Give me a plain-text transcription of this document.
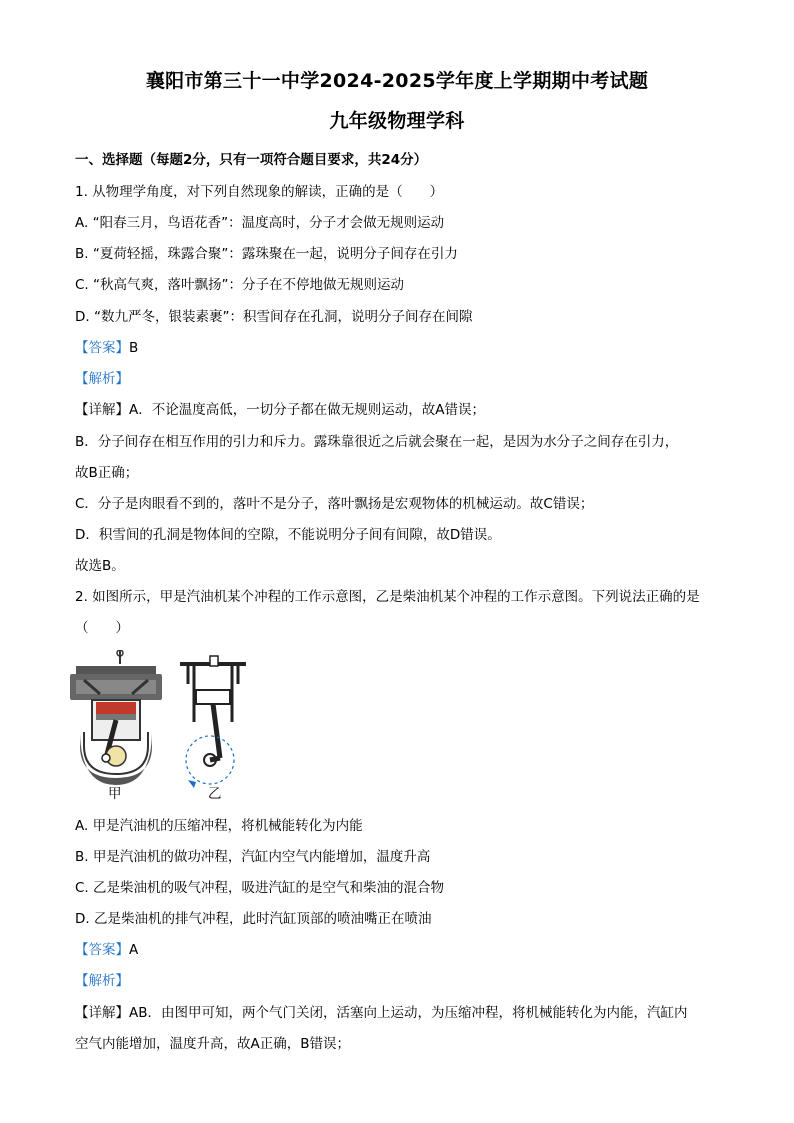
襄阳市第三十一中学2024-2025学年度上学期期中考试题
九年级物理学科
一、选择题（每题2分，只有一项符合题目要求，共24分）
1. 从物理学角度，对下列自然现象的解读，正确的是（　　）
A. “阳春三月，鸟语花香”：温度高时，分子才会做无规则运动
B. “夏荷轻摇，珠露合聚”：露珠聚在一起，说明分子间存在引力
C. “秋高气爽，落叶飘扬”：分子在不停地做无规则运动
D. “数九严冬，银装素裹”：积雪间存在孔洞，说明分子间存在间隙
【答案】B
【解析】
【详解】A．不论温度高低，一切分子都在做无规则运动，故A错误；
B．分子间存在相互作用的引力和斥力。露珠靠很近之后就会聚在一起，是因为水分子之间存在引力，
故B正确；
C．分子是肉眼看不到的，落叶不是分子，落叶飘扬是宏观物体的机械运动。故C错误；
D．积雪间的孔洞是物体间的空隙，不能说明分子间有间隙，故D错误。
故选B。
2. 如图所示，甲是汽油机某个冲程的工作示意图，乙是柴油机某个冲程的工作示意图。下列说法正确的是
（　　）
甲	乙
A. 甲是汽油机的压缩冲程，将机械能转化为内能
B. 甲是汽油机的做功冲程，汽缸内空气内能增加，温度升高
C. 乙是柴油机的吸气冲程，吸进汽缸的是空气和柴油的混合物
D. 乙是柴油机的排气冲程，此时汽缸顶部的喷油嘴正在喷油
【答案】A
【解析】
【详解】AB．由图甲可知，两个气门关闭，活塞向上运动，为压缩冲程，将机械能转化为内能，汽缸内
空气内能增加，温度升高，故A正确，B错误；
